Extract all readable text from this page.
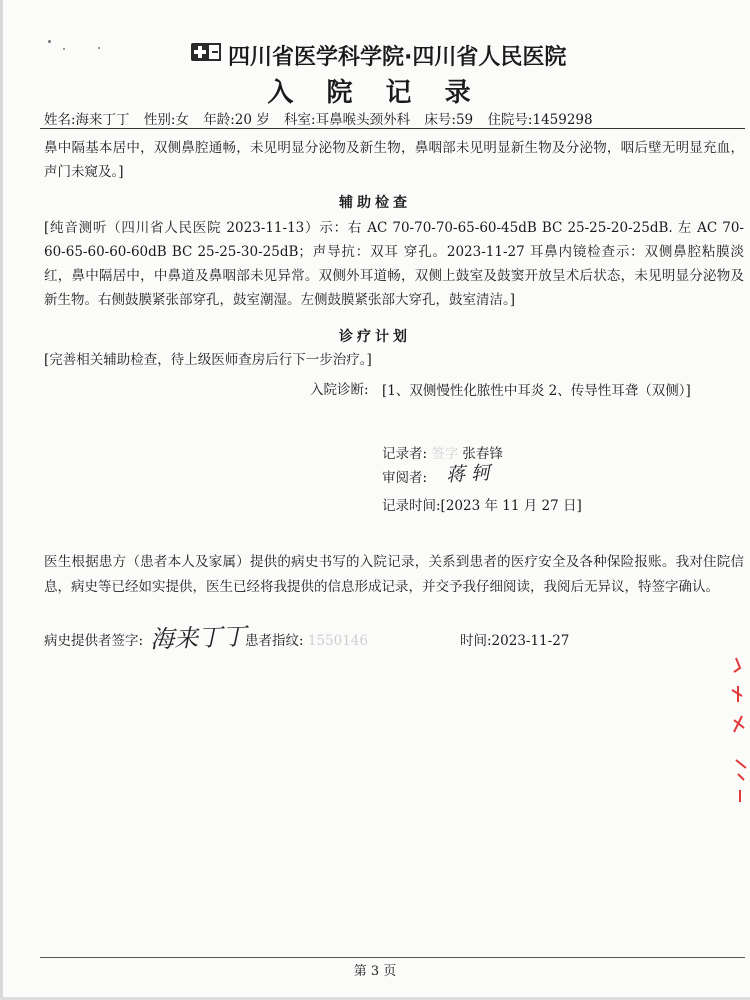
四川省医学科学院·四川省人民医院
入 院 记 录
姓名:海来丁丁 性别:女 年龄:20 岁 科室:耳鼻喉头颈外科 床号:59 住院号:1459298
鼻中隔基本居中，双侧鼻腔通畅，未见明显分泌物及新生物，鼻咽部未见明显新生物及分泌物，咽后壁无明显充血，声门未窥及。]
辅助检查
[纯音测听（四川省人民医院 2023-11-13）示：右 AC 70-70-70-65-60-45dB BC 25-25-20-25dB. 左 AC 70-60-65-60-60-60dB BC 25-25-30-25dB；声导抗：双耳 穿孔。2023-11-27 耳鼻内镜检查示：双侧鼻腔粘膜淡红，鼻中隔居中，中鼻道及鼻咽部未见异常。双侧外耳道畅，双侧上鼓室及鼓窦开放呈术后状态，未见明显分泌物及新生物。右侧鼓膜紧张部穿孔，鼓室潮湿。左侧鼓膜紧张部大穿孔，鼓室清洁。]
诊疗计划
[完善相关辅助检查，待上级医师查房后行下一步治疗。]
入院诊断: [1、双侧慢性化脓性中耳炎 2、传导性耳聋（双侧）]
记录者: 签字 张春锋
审阅者: 蒋 轲
记录时间:[2023 年 11 月 27 日]
医生根据患方（患者本人及家属）提供的病史书写的入院记录，关系到患者的医疗安全及各种保险报账。我对住院信息，病史等已经如实提供，医生已经将我提供的信息形成记录，并交予我仔细阅读，我阅后无异议，特签字确认。
病史提供者签字: 海来丁丁
患者指纹: 1550146	时间:2023-11-27
第 3 页
